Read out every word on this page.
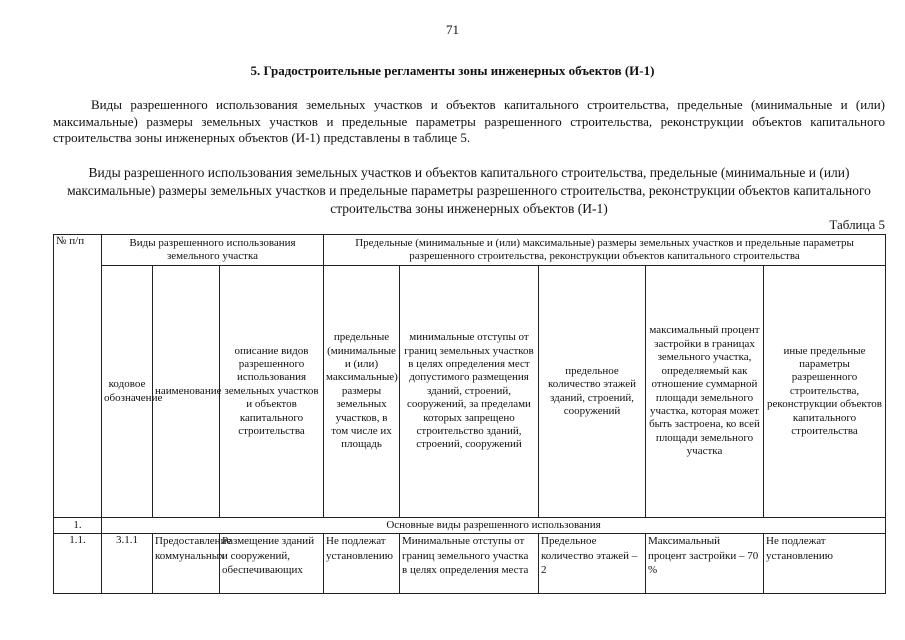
71
5. Градостроительные регламенты зоны инженерных объектов (И-1)

Виды разрешенного использования земельных участков и объектов капитального строительства, предельные (минимальные и (или) максимальные) размеры земельных участков и предельные параметры разрешенного строительства, реконструкции объектов капитального строительства зоны инженерных объектов (И-1) представлены в таблице 5.

Виды разрешенного использования земельных участков и объектов капитального строительства, предельные (минимальные и (или) максимальные) размеры земельных участков и предельные параметры разрешенного строительства, реконструкции объектов капитального строительства зоны инженерных объектов (И-1)
Таблица 5
№ п/п	Виды разрешенного использования земельного участка			Предельные (минимальные и (или) максимальные) размеры земельных участков и предельные параметры разрешенного строительства, реконструкции объектов капитального строительства				
	кодовое обозначение	наименование	описание видов разрешенного использования земельных участков и объектов капитального строительства	предельные (минимальные и (или) максимальные) размеры земельных участков, в том числе их площадь	минимальные отступы от границ земельных участков в целях определения мест допустимого размещения зданий, строений, сооружений, за пределами которых запрещено строительство зданий, строений, сооружений	предельное количество этажей зданий, строений, сооружений	максимальный процент застройки в границах земельного участка, определяемый как отношение суммарной площади земельного участка, которая может быть застроена, ко всей площади земельного участка	иные предельные параметры разрешенного строительства, реконструкции объектов капитального строительства
1.	Основные виды разрешенного использования							
1.1.	3.1.1	Предоставление коммунальных	Размещение зданий и сооружений, обеспечивающих	Не подлежат установлению	Минимальные отступы от границ земельного участка в целях определения места	Предельное количество этажей – 2	Максимальный процент застройки – 70 %	Не подлежат установлению
